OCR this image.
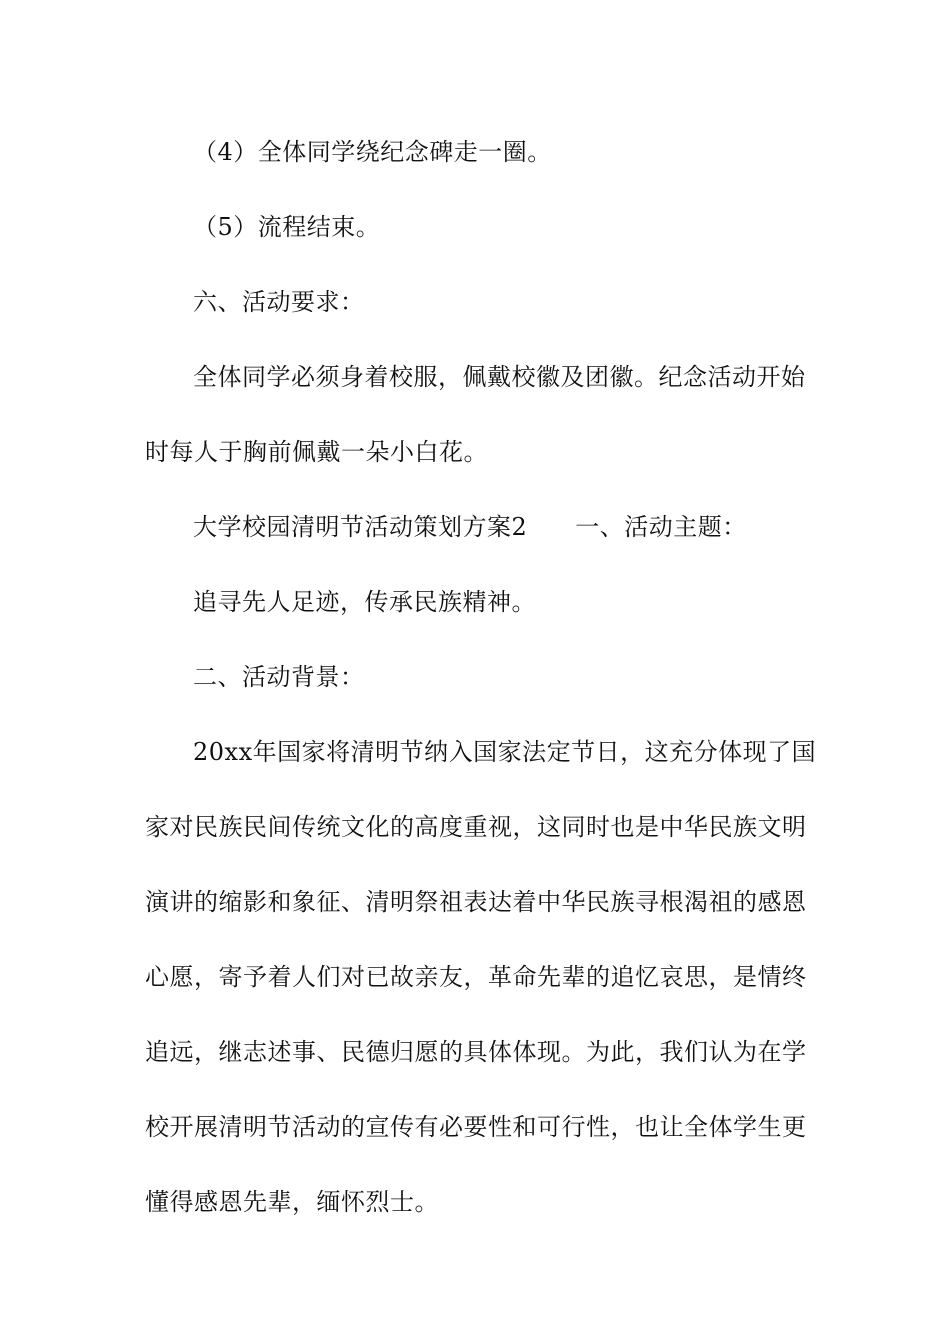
（4）全体同学绕纪念碑走一圈。
（5）流程结束。
六、活动要求：
全体同学必须身着校服，佩戴校徽及团徽。纪念活动开始
时每人于胸前佩戴一朵小白花。
大学校园清明节活动策划方案2 一、活动主题：
追寻先人足迹，传承民族精神。
二、活动背景：
20xx年国家将清明节纳入国家法定节日，这充分体现了国
家对民族民间传统文化的高度重视，这同时也是中华民族文明
演讲的缩影和象征、清明祭祖表达着中华民族寻根渴祖的感恩
心愿，寄予着人们对已故亲友，革命先辈的追忆哀思，是情终
追远，继志述事、民德归愿的具体体现。为此，我们认为在学
校开展清明节活动的宣传有必要性和可行性，也让全体学生更
懂得感恩先辈，缅怀烈士。
